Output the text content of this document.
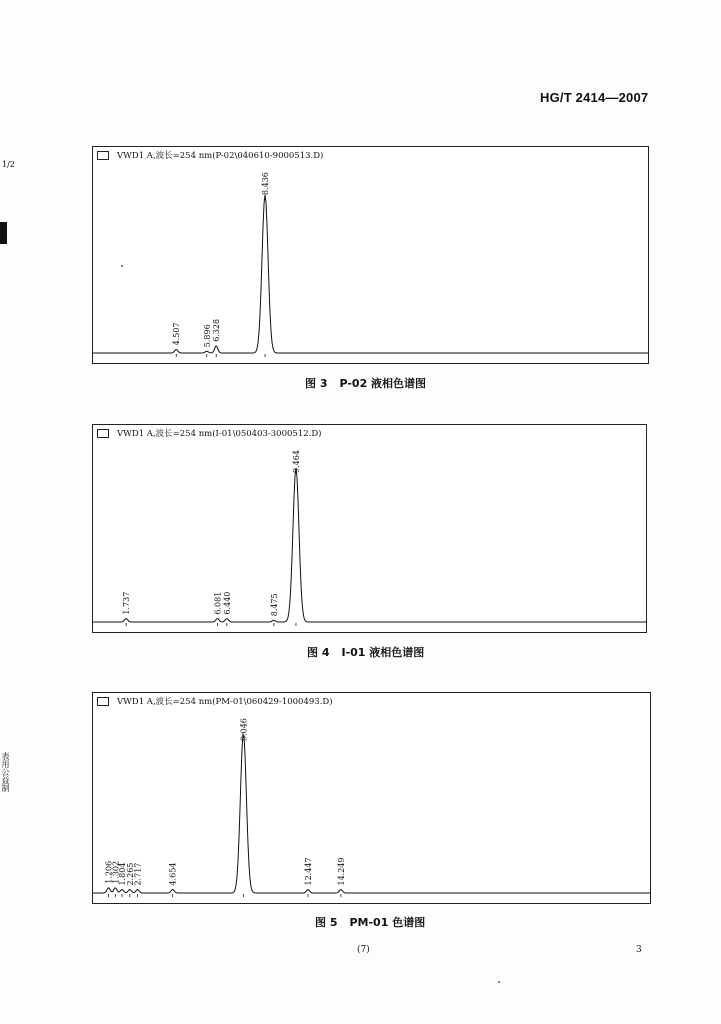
HG/T 2414—2007
1/2
表用公益制
4.507	5.896 6.328
8.436
VWD1 A,波长=254 nm(P-02\040610-9000513.D)
图 3 P-02 液相色谱图
1.737	6.081 6.440	8.475
9.464
VWD1 A,波长=254 nm(I-01\050403-3000512.D)
图 4 I-01 液相色谱图
1.206
1.302
1.804
2.265
2.717	4.654
9.046
12.447	14.249
VWD1 A,波长=254 nm(PM-01\060429-1000493.D)
图 5 PM-01 色谱图
(7)	3
